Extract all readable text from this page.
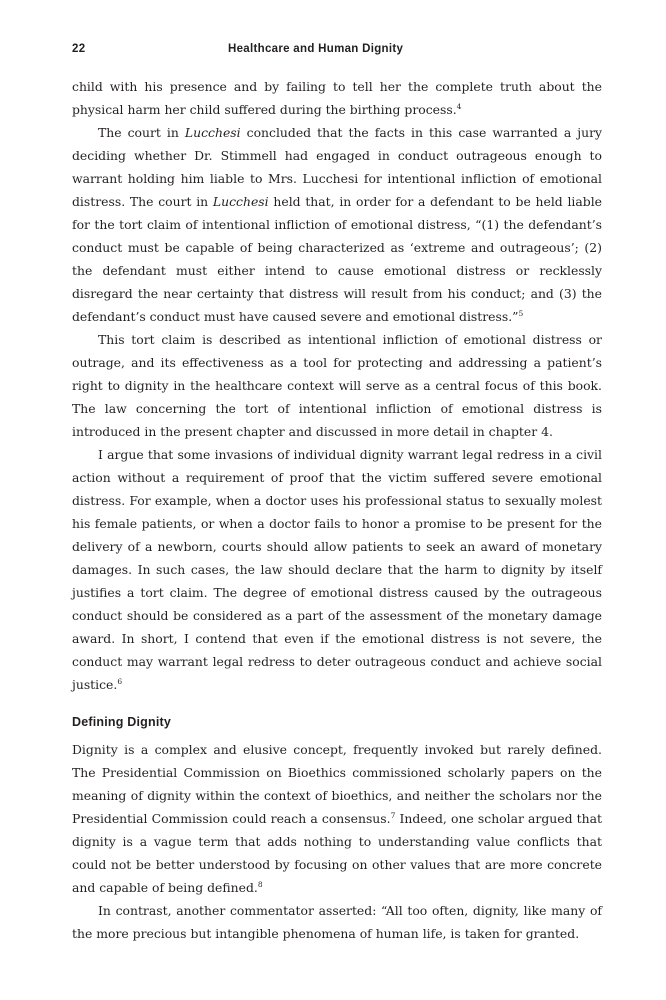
22	Healthcare and Human Dignity

child with his presence and by failing to tell her the complete truth about the physical harm her child suffered during the birthing process.$^4$

The court in Lucchesi concluded that the facts in this case warranted a jury deciding whether Dr. Stimmell had engaged in conduct outrageous enough to warrant holding him liable to Mrs. Lucchesi for intentional infliction of emotional distress. The court in Lucchesi held that, in order for a defendant to be held liable for the tort claim of intentional infliction of emotional distress, “(1) the defendant’s conduct must be capable of being characterized as ‘extreme and outrageous’; (2) the defendant must either intend to cause emotional distress or recklessly disregard the near certainty that distress will result from his conduct; and (3) the defendant’s conduct must have caused severe and emotional distress.”$^5$

This tort claim is described as intentional infliction of emotional distress or outrage, and its effectiveness as a tool for protecting and addressing a patient’s right to dignity in the healthcare context will serve as a central focus of this book. The law concerning the tort of intentional infliction of emotional distress is introduced in the present chapter and discussed in more detail in chapter 4.

I argue that some invasions of individual dignity warrant legal redress in a civil action without a requirement of proof that the victim suffered severe emotional distress. For example, when a doctor uses his professional status to sexually molest his female patients, or when a doctor fails to honor a promise to be present for the delivery of a newborn, courts should allow patients to seek an award of monetary damages. In such cases, the law should declare that the harm to dignity by itself justifies a tort claim. The degree of emotional distress caused by the outrageous conduct should be considered as a part of the assessment of the monetary damage award. In short, I contend that even if the emotional distress is not severe, the conduct may warrant legal redress to deter outrageous conduct and achieve social justice.$^6$

Defining Dignity

Dignity is a complex and elusive concept, frequently invoked but rarely defined. The Presidential Commission on Bioethics commissioned scholarly papers on the meaning of dignity within the context of bioethics, and neither the scholars nor the Presidential Commission could reach a consensus.$^7$ Indeed, one scholar argued that dignity is a vague term that adds nothing to understanding value conflicts that could not be better understood by focusing on other values that are more concrete and capable of being defined.$^8$

In contrast, another commentator asserted: “All too often, dignity, like many of the more precious but intangible phenomena of human life, is taken for granted.
